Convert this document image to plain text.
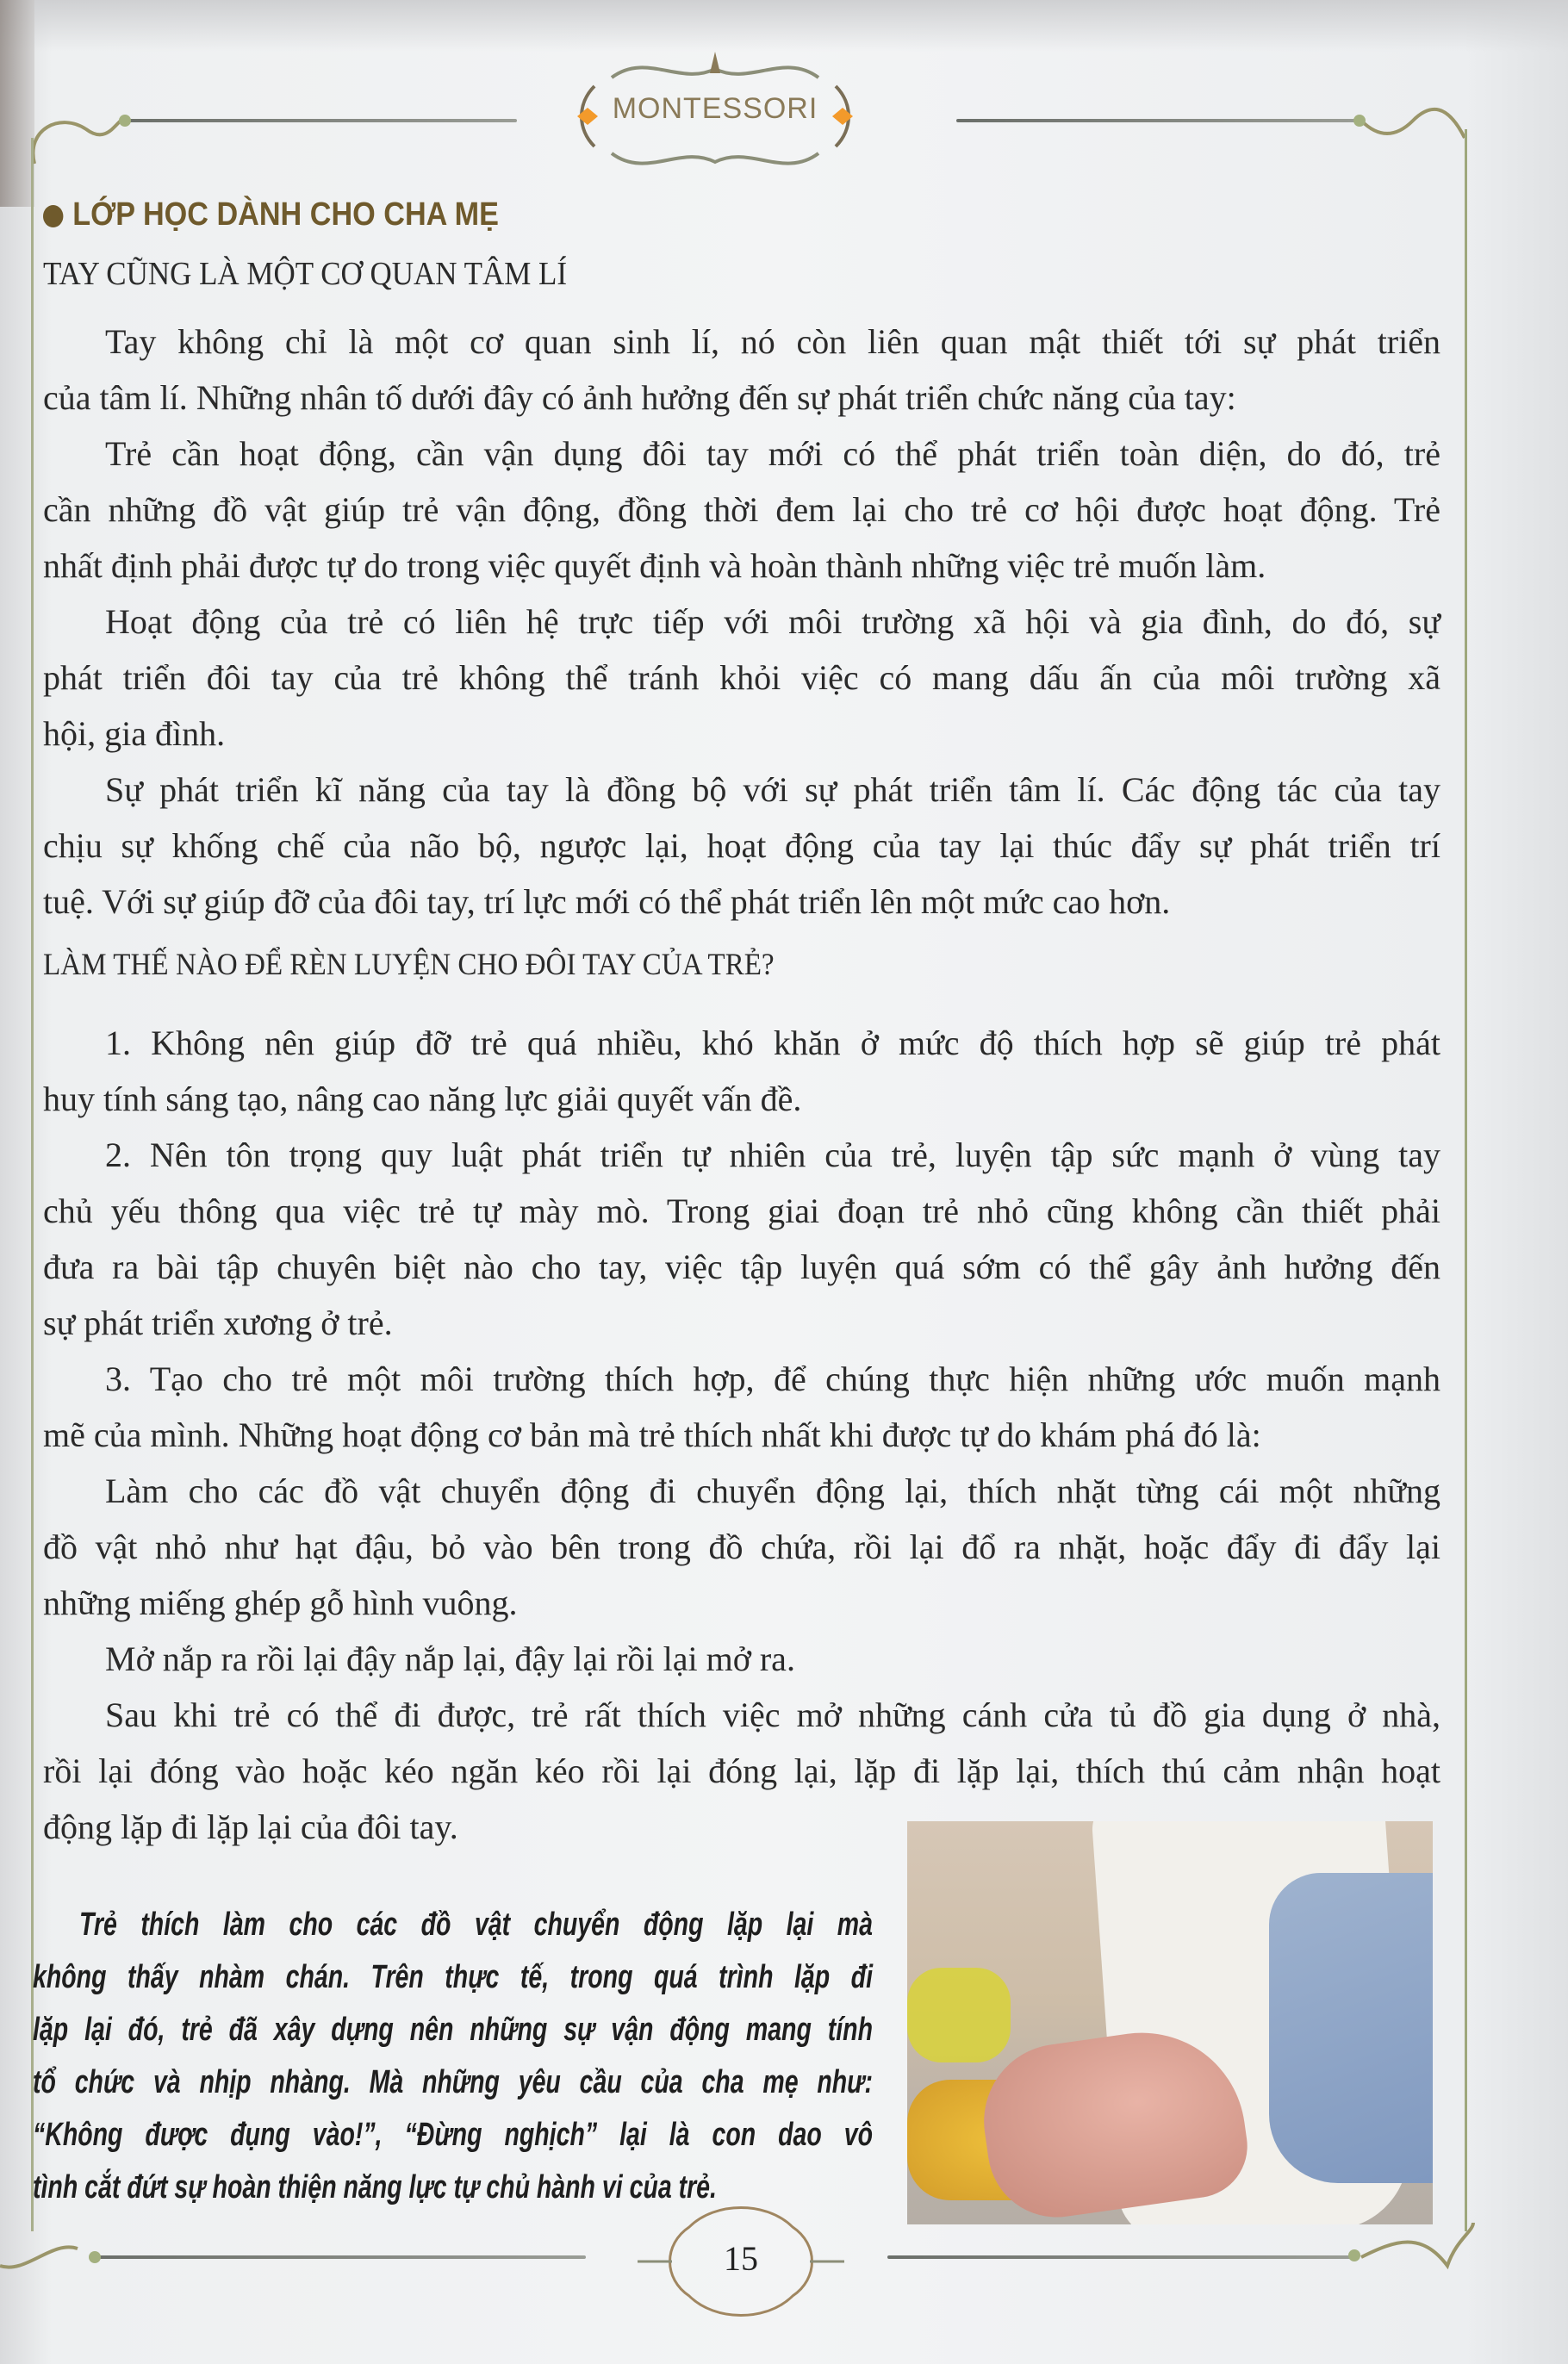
MONTESSORI
LỚP HỌC DÀNH CHO CHA MẸ
TAY CŨNG LÀ MỘT CƠ QUAN TÂM LÍ
Tay không chỉ là một cơ quan sinh lí, nó còn liên quan mật thiết tới sự phát triển
của tâm lí. Những nhân tố dưới đây có ảnh hưởng đến sự phát triển chức năng của tay:
Trẻ cần hoạt động, cần vận dụng đôi tay mới có thể phát triển toàn diện, do đó, trẻ
cần những đồ vật giúp trẻ vận động, đồng thời đem lại cho trẻ cơ hội được hoạt động. Trẻ
nhất định phải được tự do trong việc quyết định và hoàn thành những việc trẻ muốn làm.
Hoạt động của trẻ có liên hệ trực tiếp với môi trường xã hội và gia đình, do đó, sự
phát triển đôi tay của trẻ không thể tránh khỏi việc có mang dấu ấn của môi trường xã
hội, gia đình.
Sự phát triển kĩ năng của tay là đồng bộ với sự phát triển tâm lí. Các động tác của tay
chịu sự khống chế của não bộ, ngược lại, hoạt động của tay lại thúc đẩy sự phát triển trí
tuệ. Với sự giúp đỡ của đôi tay, trí lực mới có thể phát triển lên một mức cao hơn.
LÀM THẾ NÀO ĐỂ RÈN LUYỆN CHO ĐÔI TAY CỦA TRẺ?
1. Không nên giúp đỡ trẻ quá nhiều, khó khăn ở mức độ thích hợp sẽ giúp trẻ phát
huy tính sáng tạo, nâng cao năng lực giải quyết vấn đề.
2. Nên tôn trọng quy luật phát triển tự nhiên của trẻ, luyện tập sức mạnh ở vùng tay
chủ yếu thông qua việc trẻ tự mày mò. Trong giai đoạn trẻ nhỏ cũng không cần thiết phải
đưa ra bài tập chuyên biệt nào cho tay, việc tập luyện quá sớm có thể gây ảnh hưởng đến
sự phát triển xương ở trẻ.
3. Tạo cho trẻ một môi trường thích hợp, để chúng thực hiện những ước muốn mạnh
mẽ của mình. Những hoạt động cơ bản mà trẻ thích nhất khi được tự do khám phá đó là:
Làm cho các đồ vật chuyển động đi chuyển động lại, thích nhặt từng cái một những
đồ vật nhỏ như hạt đậu, bỏ vào bên trong đồ chứa, rồi lại đổ ra nhặt, hoặc đẩy đi đẩy lại
những miếng ghép gỗ hình vuông.
Mở nắp ra rồi lại đậy nắp lại, đậy lại rồi lại mở ra.
Sau khi trẻ có thể đi được, trẻ rất thích việc mở những cánh cửa tủ đồ gia dụng ở nhà,
rồi lại đóng vào hoặc kéo ngăn kéo rồi lại đóng lại, lặp đi lặp lại, thích thú cảm nhận hoạt
động lặp đi lặp lại của đôi tay.
Trẻ thích làm cho các đồ vật chuyển động lặp lại mà
không thấy nhàm chán. Trên thực tế, trong quá trình lặp đi
lặp lại đó, trẻ đã xây dựng nên những sự vận động mang tính
tổ chức và nhịp nhàng. Mà những yêu cầu của cha mẹ như:
“Không được đụng vào!”, “Đừng nghịch” lại là con dao vô
tình cắt đứt sự hoàn thiện năng lực tự chủ hành vi của trẻ.
15
